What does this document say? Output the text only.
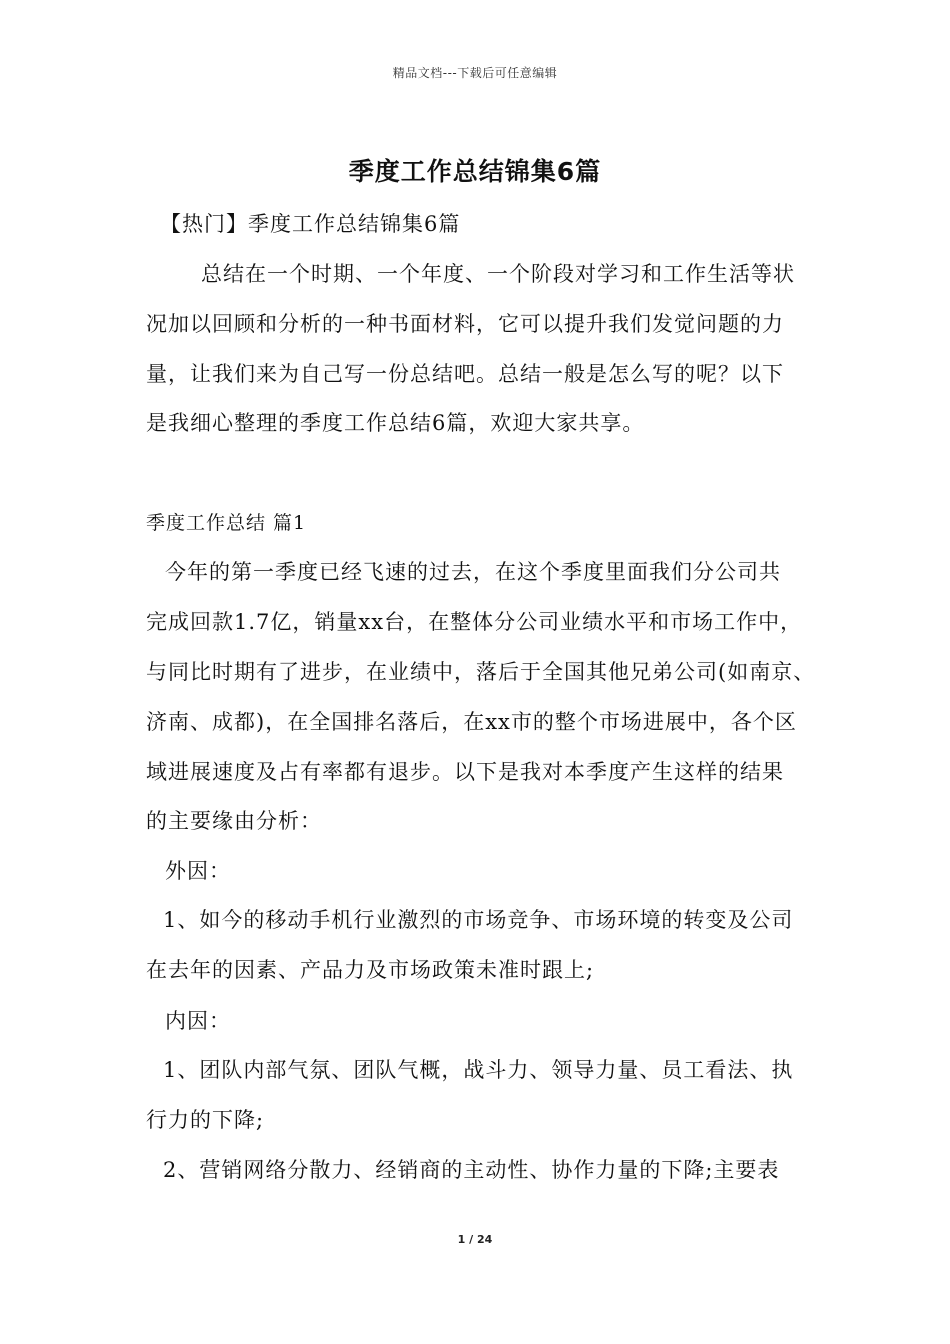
精品文档---下载后可任意编辑
季度工作总结锦集6篇
【热门】季度工作总结锦集6篇
总结在一个时期、一个年度、一个阶段对学习和工作生活等状
况加以回顾和分析的一种书面材料，它可以提升我们发觉问题的力
量，让我们来为自己写一份总结吧。总结一般是怎么写的呢？以下
是我细心整理的季度工作总结6篇，欢迎大家共享。
季度工作总结 篇1
今年的第一季度已经飞速的过去，在这个季度里面我们分公司共
完成回款1.7亿，销量xx台，在整体分公司业绩水平和市场工作中，
与同比时期有了进步，在业绩中，落后于全国其他兄弟公司(如南京、
济南、成都)，在全国排名落后，在xx市的整个市场进展中，各个区
域进展速度及占有率都有退步。以下是我对本季度产生这样的结果
的主要缘由分析：
外因：
1、如今的移动手机行业激烈的市场竞争、市场环境的转变及公司
在去年的因素、产品力及市场政策未准时跟上;
内因：
1、团队内部气氛、团队气概，战斗力、领导力量、员工看法、执
行力的下降;
2、营销网络分散力、经销商的主动性、协作力量的下降;主要表
1 / 24
